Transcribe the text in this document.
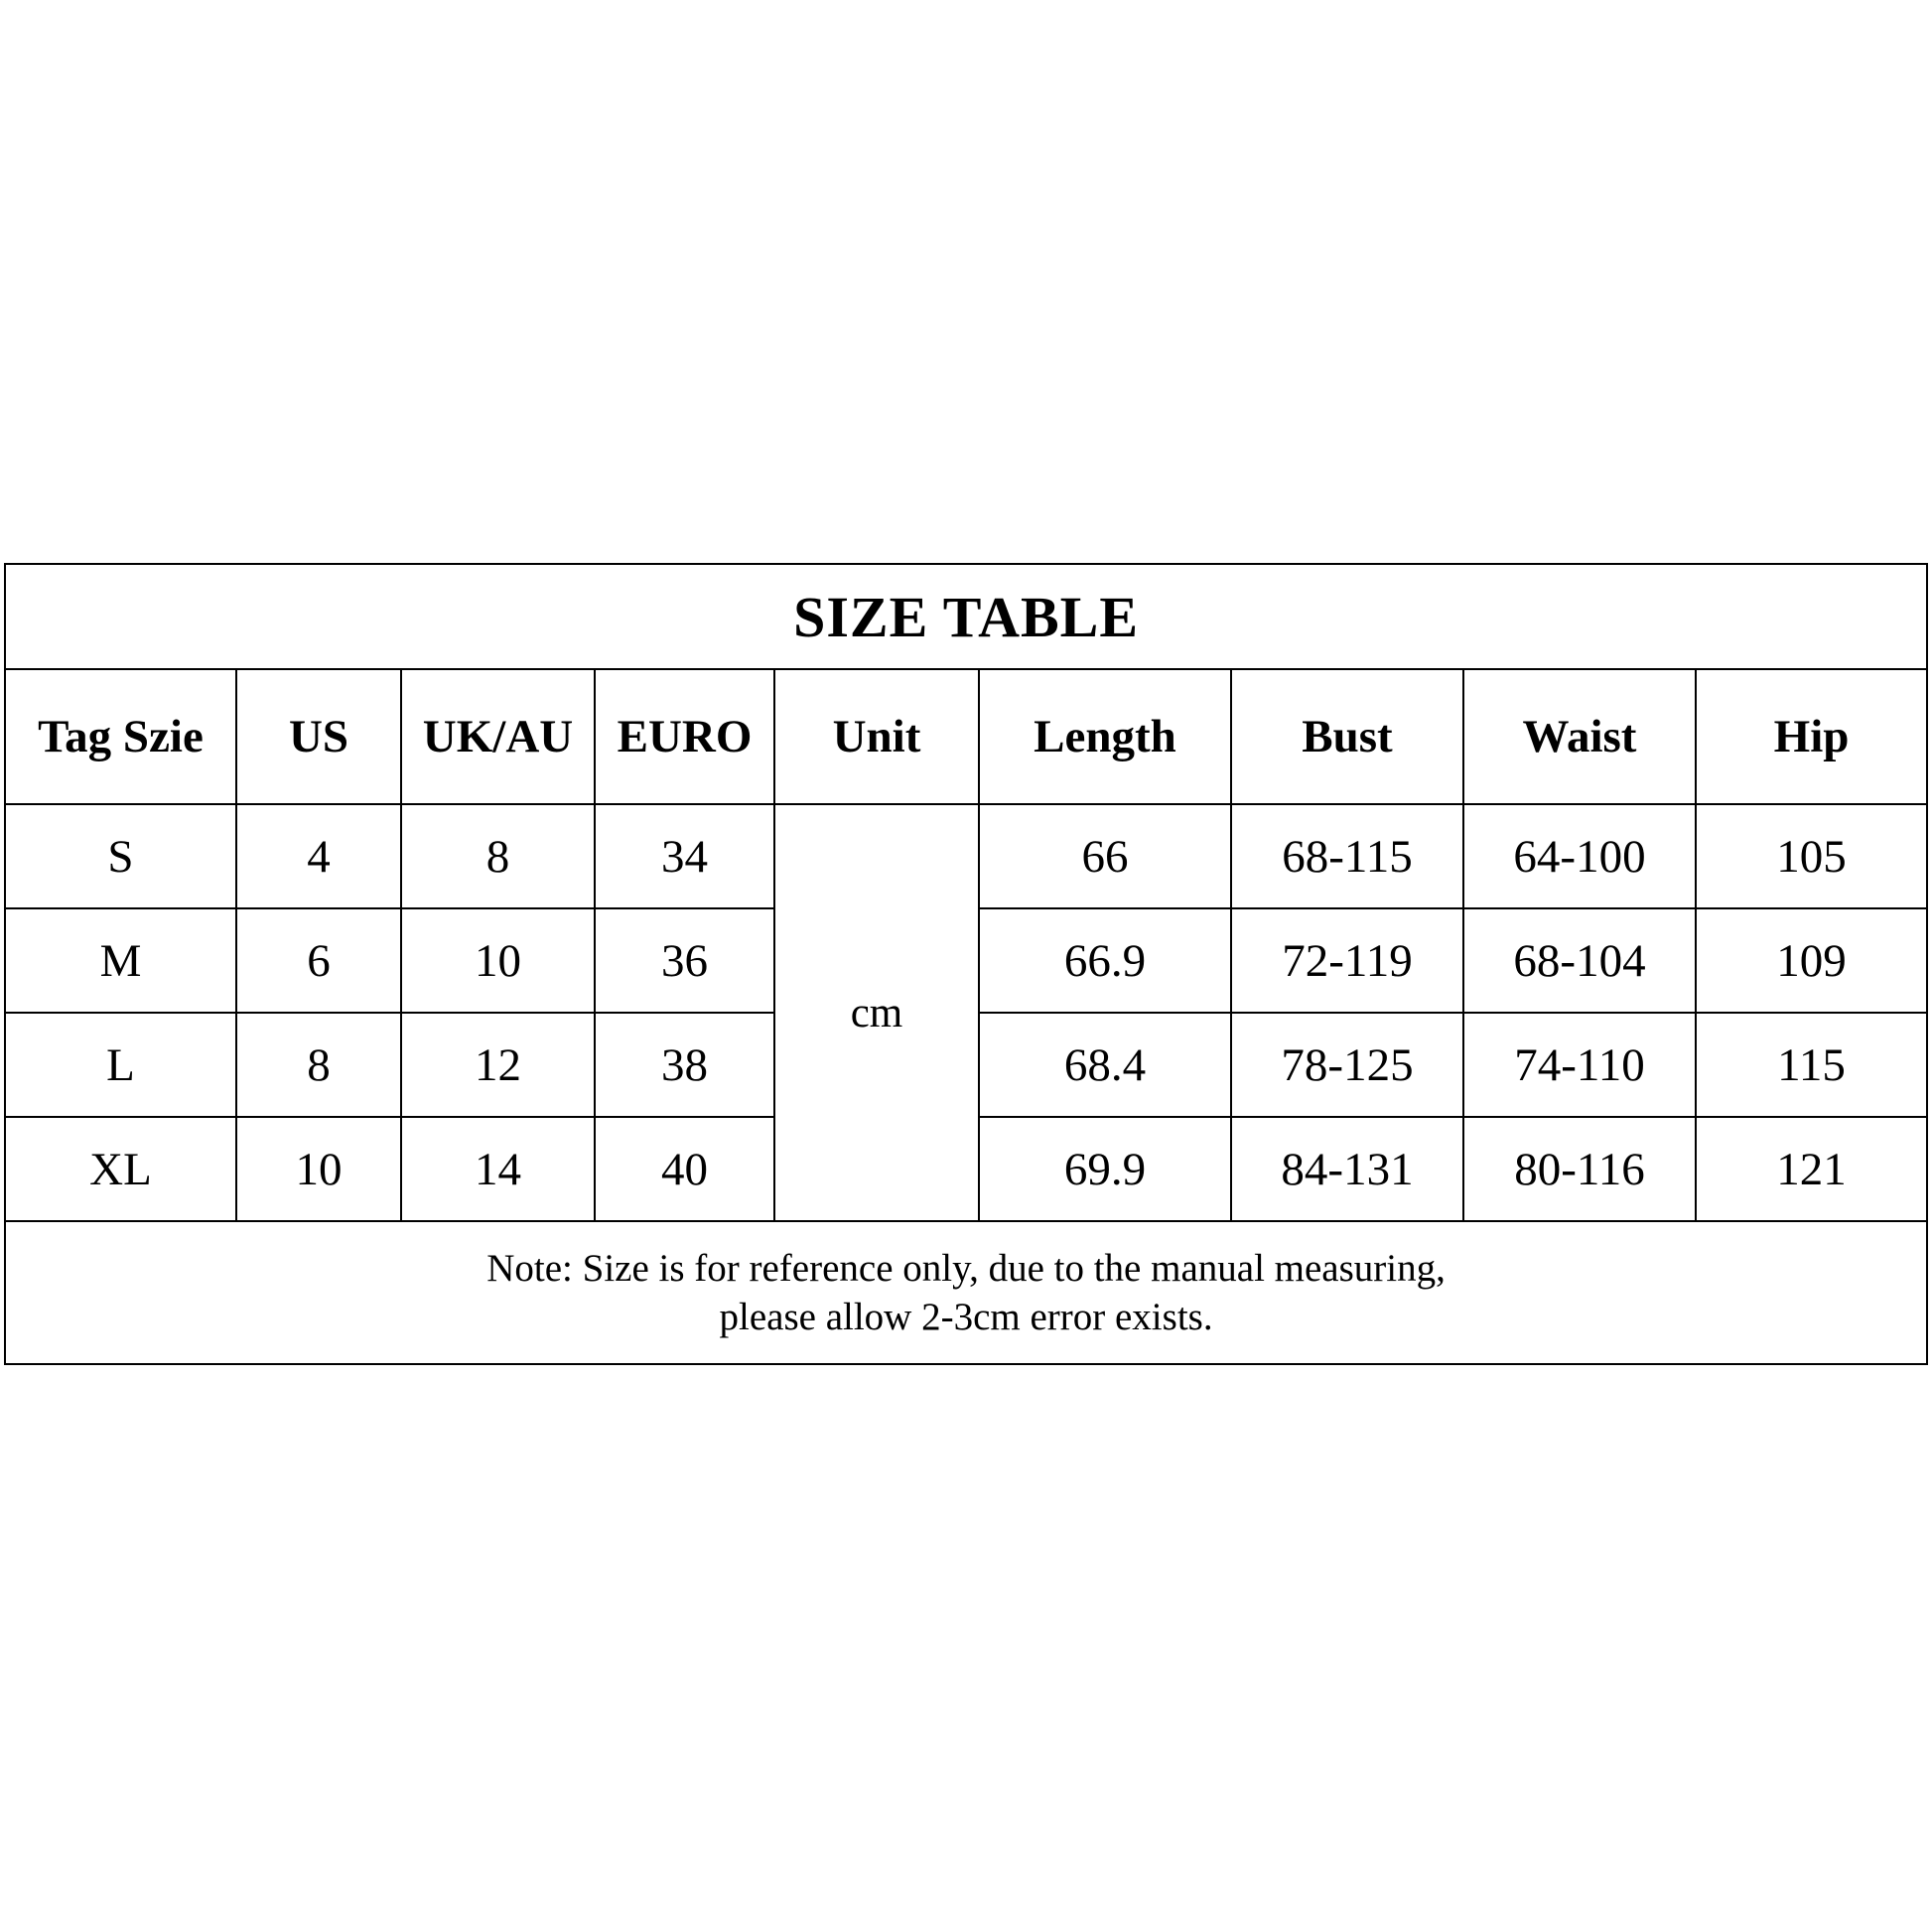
SIZE TABLE								
Tag Szie	US	UK/AU	EURO	Unit	Length	Bust	Waist	Hip
S	4	8	34	cm	66	68-115	64-100	105
M	6	10	36		66.9	72-119	68-104	109
L	8	12	38		68.4	78-125	74-110	115
XL	10	14	40		69.9	84-131	80-116	121

Note: Size is for reference only, due to the manual measuring,
please allow 2-3cm error exists.								
